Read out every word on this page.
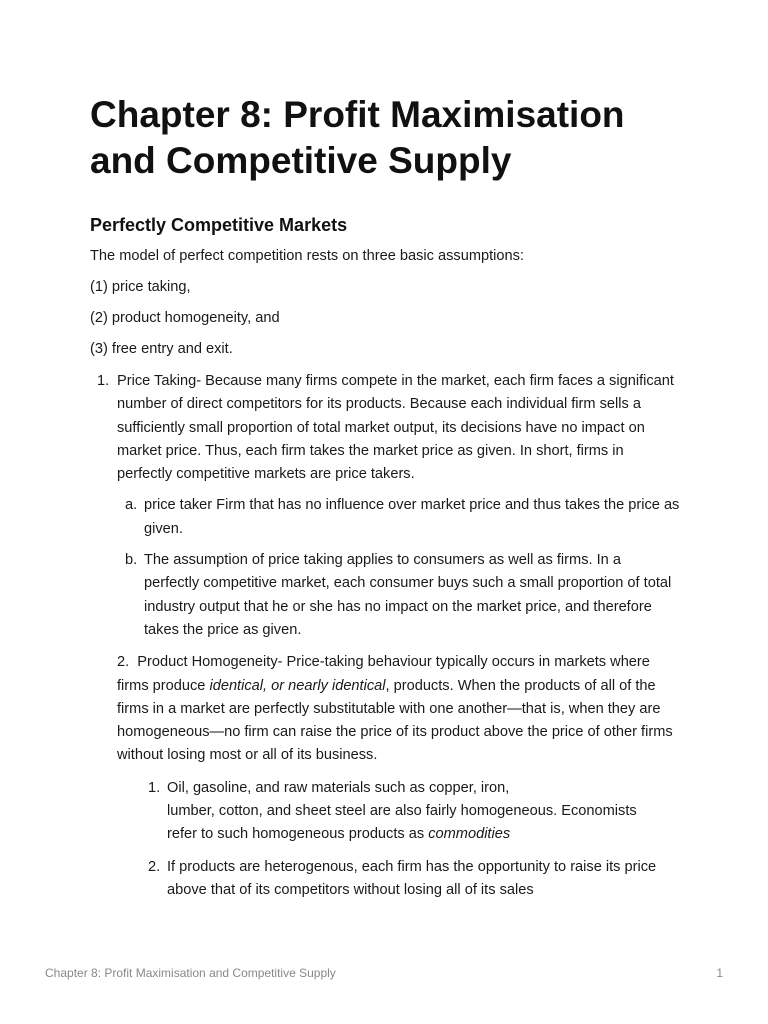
Chapter 8: Profit Maximisation
and Competitive Supply
Perfectly Competitive Markets

The model of perfect competition rests on three basic assumptions:

(1) price taking,

(2) product homogeneity, and

(3) free entry and exit.

1. Price Taking- Because many firms compete in the market, each firm faces a significant number of direct competitors for its products. Because each individual firm sells a sufficiently small proportion of total market output, its decisions have no impact on market price. Thus, each firm takes the market price as given. In short, firms in perfectly competitive markets are price takers.
a. price taker Firm that has no influence over market price and thus takes the price as given.
b. The assumption of price taking applies to consumers as well as firms. In a perfectly competitive market, each consumer buys such a small proportion of total industry output that he or she has no impact on the market price, and therefore takes the price as given.
2. Product Homogeneity- Price-taking behaviour typically occurs in markets where firms produce identical, or nearly identical, products. When the products of all of the firms in a market are perfectly substitutable with one another—that is, when they are homogeneous—no firm can raise the price of its product above the price of other firms without losing most or all of its business.
1. Oil, gasoline, and raw materials such as copper, iron,
lumber, cotton, and sheet steel are also fairly homogeneous. Economists
refer to such homogeneous products as commodities
2. If products are heterogenous, each firm has the opportunity to raise its price above that of its competitors without losing all of its sales
Chapter 8: Profit Maximisation and Competitive Supply	1
